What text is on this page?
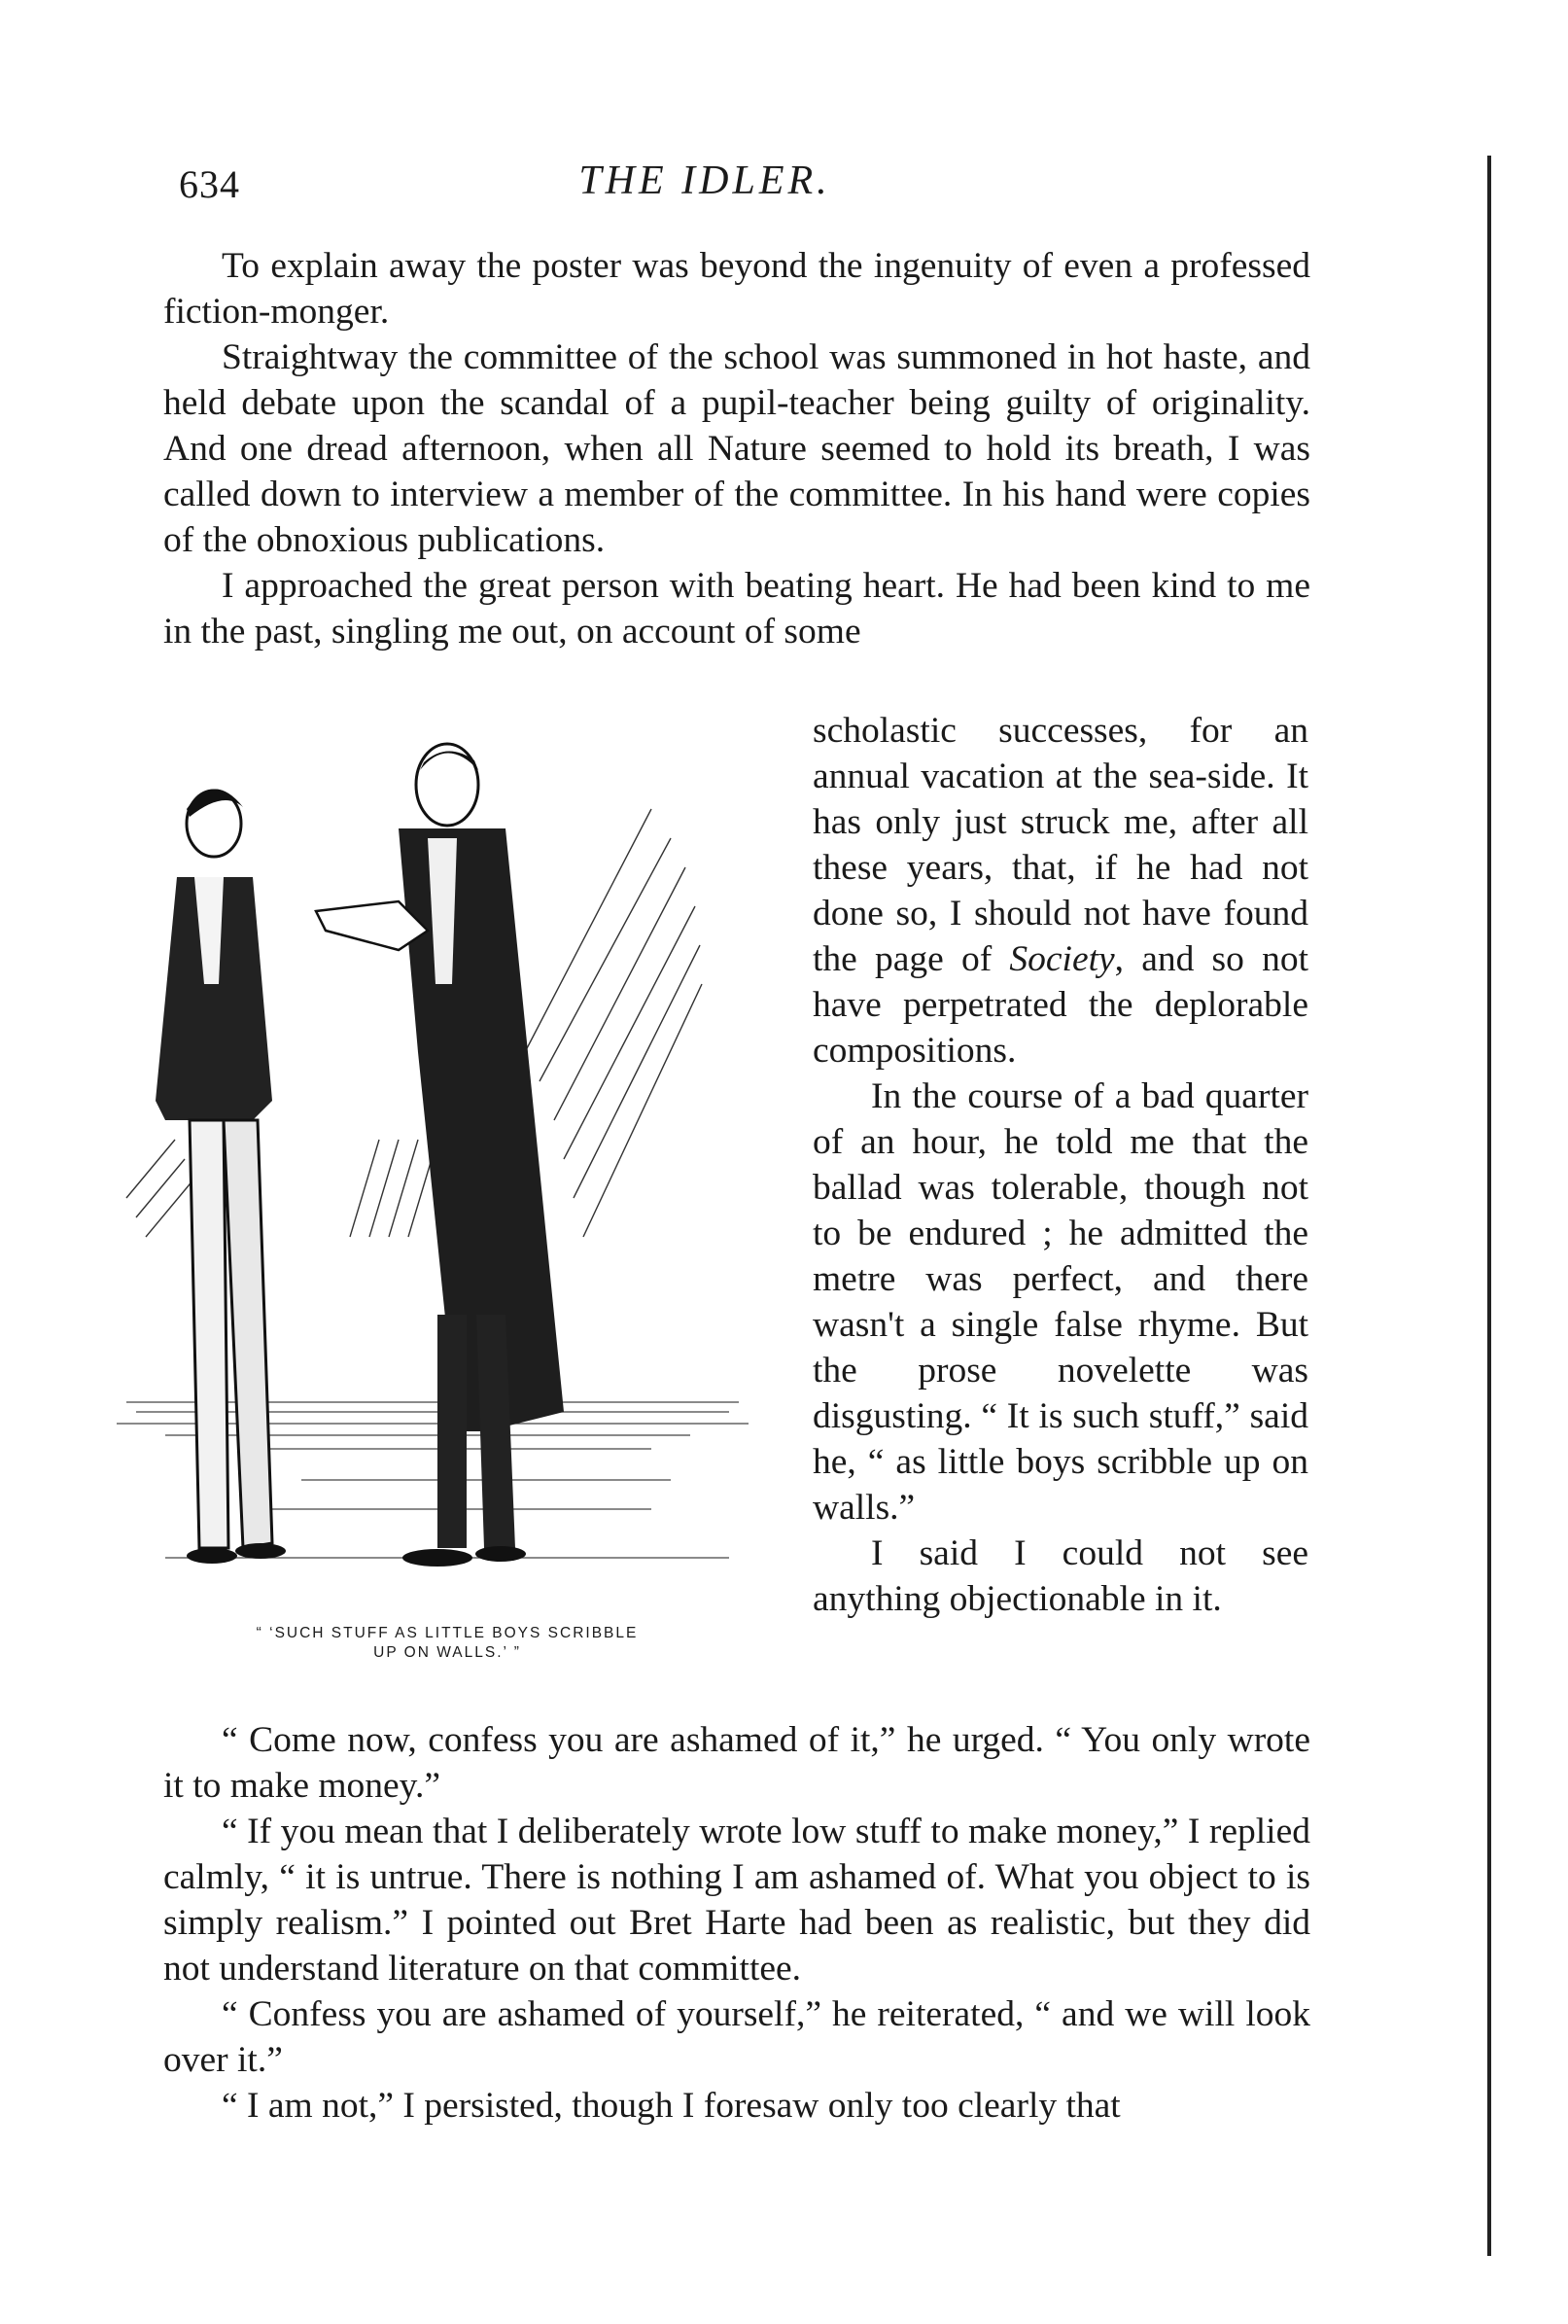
634	THE IDLER.

To explain away the poster was beyond the ingenuity of even a professed fiction-monger.

Straightway the committee of the school was summoned in hot haste, and held debate upon the scandal of a pupil-teacher being guilty of originality. And one dread afternoon, when all Nature seemed to hold its breath, I was called down to interview a member of the committee. In his hand were copies of the obnoxious publications.

I approached the great person with beating heart. He had been kind to me in the past, singling me out, on account of some

“ ‘SUCH STUFF AS LITTLE BOYS SCRIBBLE
UP ON WALLS.’ ”

scholastic successes, for an annual vacation at the sea-side. It has only just struck me, after all these years, that, if he had not done so, I should not have found the page of Society, and so not have perpetrated the deplorable compositions.

In the course of a bad quarter of an hour, he told me that the ballad was tolerable, though not to be endured ; he admitted the metre was perfect, and there wasn't a single false rhyme. But the prose novelette was disgusting. “ It is such stuff,” said he, “ as little boys scribble up on walls.”

I said I could not see anything objectionable in it.

“ Come now, confess you are ashamed of it,” he urged. “ You only wrote it to make money.”

“ If you mean that I deliberately wrote low stuff to make money,” I replied calmly, “ it is untrue. There is nothing I am ashamed of. What you object to is simply realism.” I pointed out Bret Harte had been as realistic, but they did not understand literature on that committee.

“ Confess you are ashamed of yourself,” he reiterated, “ and we will look over it.”

“ I am not,” I persisted, though I foresaw only too clearly that
